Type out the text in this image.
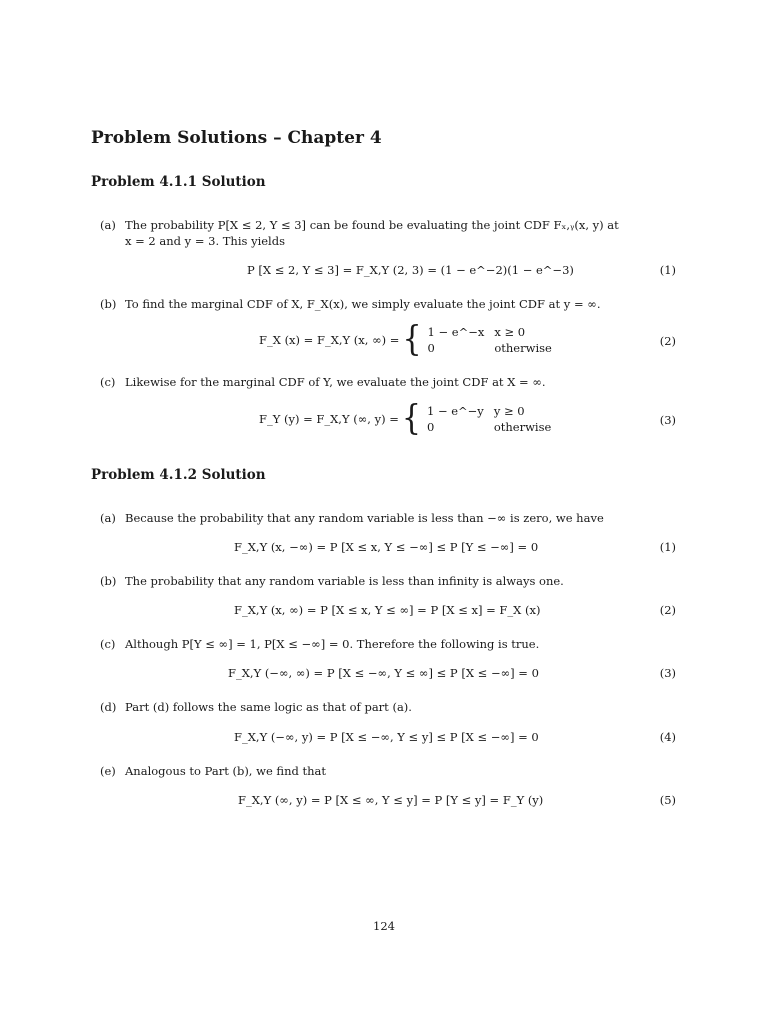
Problem Solutions – Chapter 4
Problem 4.1.1 Solution
(a) The probability P[X ≤ 2, Y ≤ 3] can be found be evaluating the joint CDF Fₓ,ᵧ(x, y) at
x = 2 and y = 3. This yields
P [X ≤ 2, Y ≤ 3] = F_X,Y (2, 3) = (1 − e^−2)(1 − e^−3)	(1)
(b) To find the marginal CDF of X, F_X(x), we simply evaluate the joint CDF at y = ∞.
F_X (x) = F_X,Y (x, ∞) = { 1 − e^−x	x ≥ 0
0	otherwise	(2)
(c) Likewise for the marginal CDF of Y, we evaluate the joint CDF at X = ∞.
F_Y (y) = F_X,Y (∞, y) = { 1 − e^−y	y ≥ 0
0	otherwise	(3)
Problem 4.1.2 Solution
(a) Because the probability that any random variable is less than −∞ is zero, we have
F_X,Y (x, −∞) = P [X ≤ x, Y ≤ −∞] ≤ P [Y ≤ −∞] = 0	(1)
(b) The probability that any random variable is less than infinity is always one.
F_X,Y (x, ∞) = P [X ≤ x, Y ≤ ∞] = P [X ≤ x] = F_X (x)	(2)
(c) Although P[Y ≤ ∞] = 1, P[X ≤ −∞] = 0. Therefore the following is true.
F_X,Y (−∞, ∞) = P [X ≤ −∞, Y ≤ ∞] ≤ P [X ≤ −∞] = 0	(3)
(d) Part (d) follows the same logic as that of part (a).
F_X,Y (−∞, y) = P [X ≤ −∞, Y ≤ y] ≤ P [X ≤ −∞] = 0	(4)
(e) Analogous to Part (b), we find that
F_X,Y (∞, y) = P [X ≤ ∞, Y ≤ y] = P [Y ≤ y] = F_Y (y)	(5)
124
